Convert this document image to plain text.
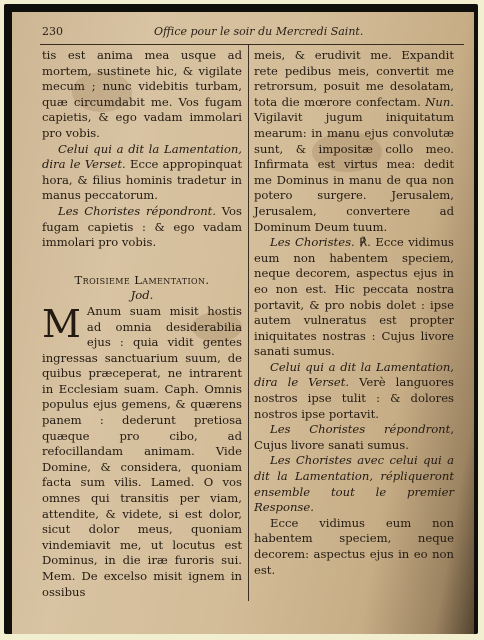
230	Office pour le soir du Mercredi Saint.

tis est anima mea usque ad mortem, sustinete hic, & vigilate mecum ; nunc videbitis turbam, quæ circumdabit me. Vos fugam capietis, & ego vadam immolari pro vobis.

Celui qui a dit la Lamentation, dira le Verset. Ecce appropinquat hora, & filius hominis tradetur in manus peccatorum.

Les Choristes répondront. Vos fugam capietis : & ego vadam immolari pro vobis.

Troisieme Lamentation.

Jod.

M Anum suam misit hostis ad omnia desiderabilia ejus : quia vidit gentes ingressas sanctuarium suum, de quibus præceperat, ne intrarent in Ecclesiam suam. Caph. Omnis populus ejus gemens, & quærens panem : dederunt pretiosa quæque pro cibo, ad refocillandam animam. Vide Domine, & considera, quoniam facta sum vilis. Lamed. O vos omnes qui transitis per viam, attendite, & videte, si est dolor, sicut dolor meus, quoniam vindemiavit me, ut locutus est Dominus, in die iræ furoris sui. Mem. De excelso misit ignem in ossibus

meis, & erudivit me. Expandit rete pedibus meis, convertit me retrorsum, posuit me desolatam, tota die mœrore confectam. Nun. Vigilavit jugum iniquitatum mearum: in manu ejus convolutæ sunt, & impositæ collo meo. Infirmata est virtus mea: dedit me Dominus in manu de qua non potero surgere. Jerusalem, Jerusalem, convertere ad Dominum Deum tuum.

Les Choristes. ℟. Ecce vidimus eum non habentem speciem, neque decorem, aspectus ejus in eo non est. Hic peccata nostra portavit, & pro nobis dolet : ipse autem vulneratus est propter iniquitates nostras : Cujus livore sanati sumus.

Celui qui a dit la Lamentation, dira le Verset. Verè languores nostros ipse tulit : & dolores nostros ipse portavit.

Les Choristes répondront, Cujus livore sanati sumus.

Les Choristes avec celui qui a dit la Lamentation, répliqueront ensemble tout le premier Response.

Ecce vidimus eum non habentem speciem, neque decorem: aspectus ejus in eo non est.
